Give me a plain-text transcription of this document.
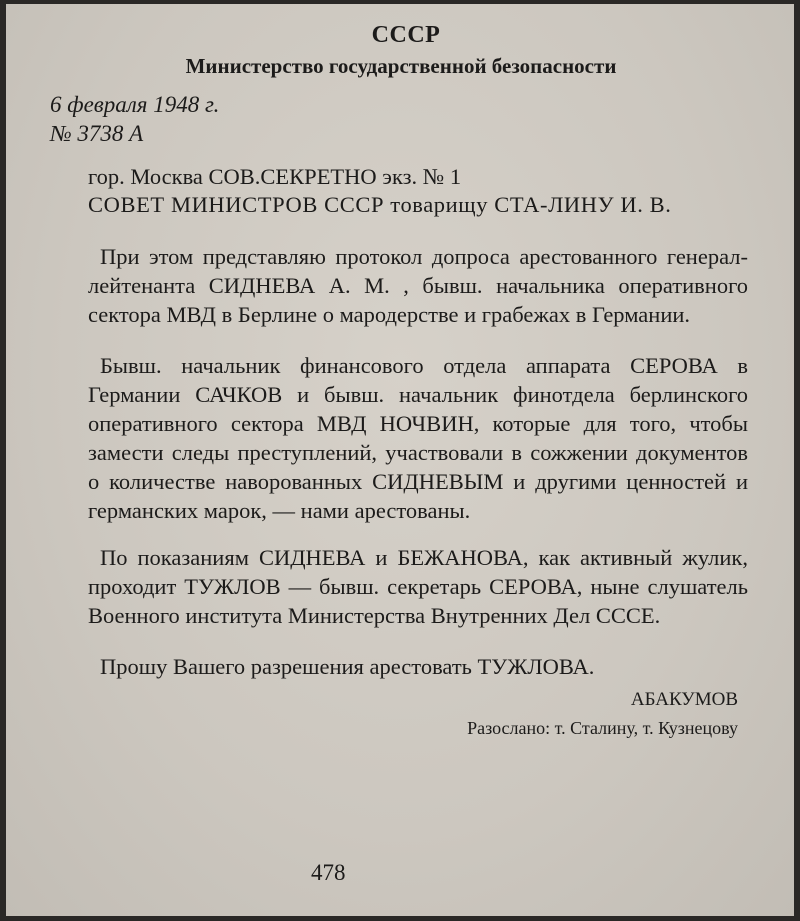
СССР
Министерство государственной безопасности
6 февраля 1948 г.
№ 3738 А
гор. Москва СОВ.СЕКРЕТНО экз. № 1
СОВЕТ МИНИСТРОВ СССР товарищу СТА-ЛИНУ И. В.

При этом представляю протокол допроса арестованного генерал-лейтенанта СИДНЕВА А. М. , бывш. начальника оперативного сектора МВД в Берлине о мародерстве и грабежах в Германии.

Бывш. начальник финансового отдела аппарата СЕРОВА в Германии САЧКОВ и бывш. начальник финотдела берлинского оперативного сектора МВД НОЧВИН, которые для того, чтобы замести следы преступлений, участвовали в сожжении документов о количестве наворованных СИДНЕВЫМ и другими ценностей и германских марок, — нами арестованы.

По показаниям СИДНЕВА и БЕЖАНОВА, как активный жулик, проходит ТУЖЛОВ — бывш. секретарь СЕРОВА, ныне слушатель Военного института Министерства Внутренних Дел СССЕ.

Прошу Вашего разрешения арестовать ТУЖЛОВА.

АБАКУМОВ
Разослано: т. Сталину, т. Кузнецову
478
